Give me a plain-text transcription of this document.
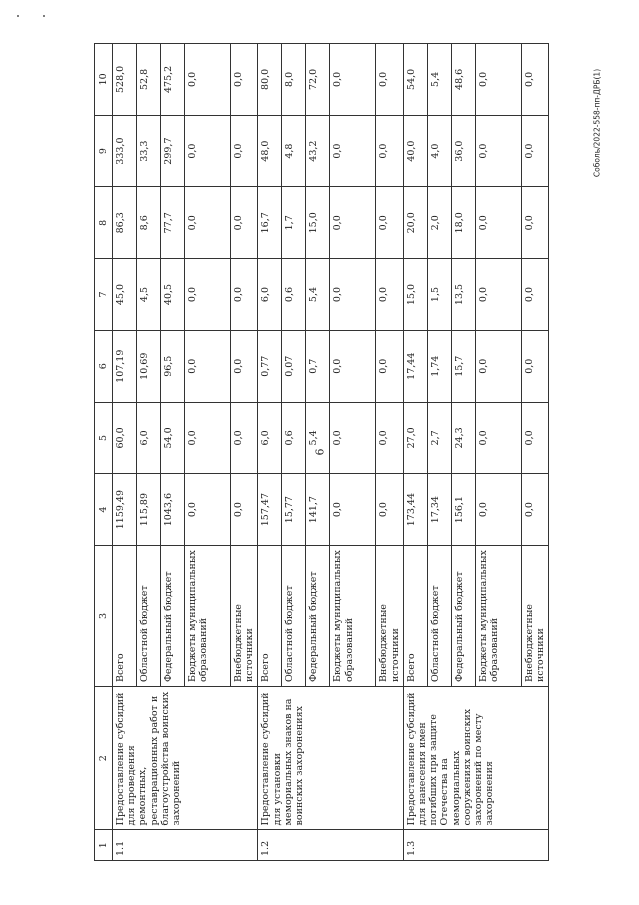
6
Соболь/2022-558-пп-ДРБ(1)
1	2	3	4	5	6	7	8	9	10
1.1	Предоставление субсидий для проведения ремонтных, реставрационных работ и благоустройства воинских захоронений	Всего	1159,49	60,0	107,19	45,0	86,3	333,0	528,0
		Областной бюджет	115,89	6,0	10,69	4,5	8,6	33,3	52,8
		Федеральный бюджет	1043,6	54,0	96,5	40,5	77,7	299,7	475,2
		Бюджеты муниципальных образований	0,0	0,0	0,0	0,0	0,0	0,0	0,0
		Внебюджетные источники	0,0	0,0	0,0	0,0	0,0	0,0	0,0
1.2	Предоставление субсидий для установки мемориальных знаков на воинских захоронениях	Всего	157,47	6,0	0,77	6,0	16,7	48,0	80,0
		Областной бюджет	15,77	0,6	0,07	0,6	1,7	4,8	8,0
		Федеральный бюджет	141,7	5,4	0,7	5,4	15,0	43,2	72,0
		Бюджеты муниципальных образований	0,0	0,0	0,0	0,0	0,0	0,0	0,0
		Внебюджетные источники	0,0	0,0	0,0	0,0	0,0	0,0	0,0
1.3	Предоставление субсидий для нанесения имен погибших при защите Отечества на мемориальных сооружениях воинских захоронений по месту захоронения	Всего	173,44	27,0	17,44	15,0	20,0	40,0	54,0
		Областной бюджет	17,34	2,7	1,74	1,5	2,0	4,0	5,4
		Федеральный бюджет	156,1	24,3	15,7	13,5	18,0	36,0	48,6
		Бюджеты муниципальных образований	0,0	0,0	0,0	0,0	0,0	0,0	0,0
		Внебюджетные источники	0,0	0,0	0,0	0,0	0,0	0,0	0,0
